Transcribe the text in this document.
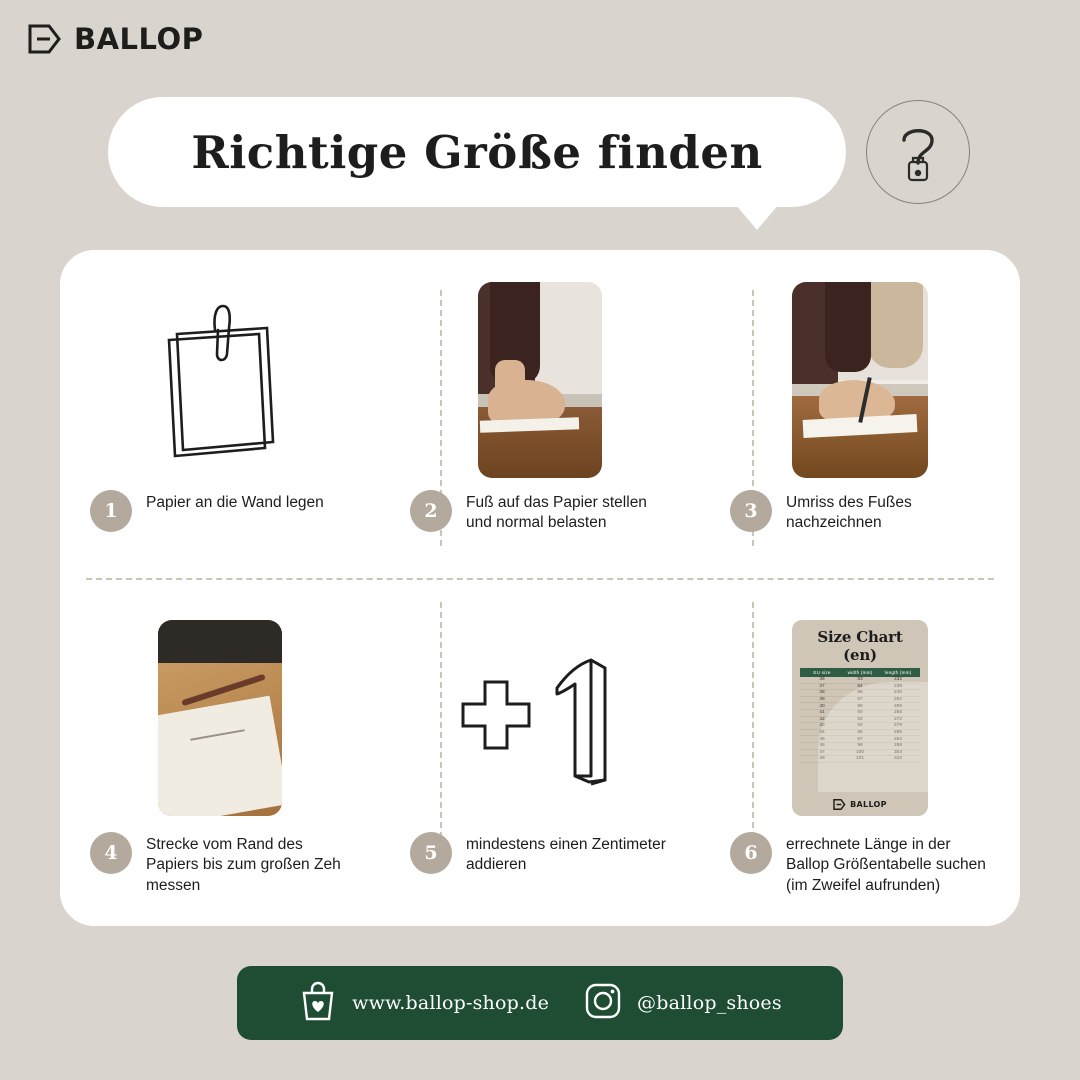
BALLOP
Richtige Größe finden
1	Papier an die Wand legen	2	Fuß auf das Papier stellen und normal belasten
3	Umriss des Fußes nachzeichnen
4	Strecke vom Rand des Papiers bis zum großen Zeh messen
5	mindestens einen Zentimeter addieren
Size Chart (en)
EU size	width (mm)	length (mm)
36	83	232
37	84	238
38	86	245
39	87	252
40	88	259
41	90	265
42	92	272
43	94	279
44	95	285
45	97	292
46	98	298
47	100	304
48	101	310
BALLOP
6	errechnete Länge in der Ballop Größentabelle suchen (im Zweifel aufrunden)
www.ballop-shop.de	@ballop_shoes
